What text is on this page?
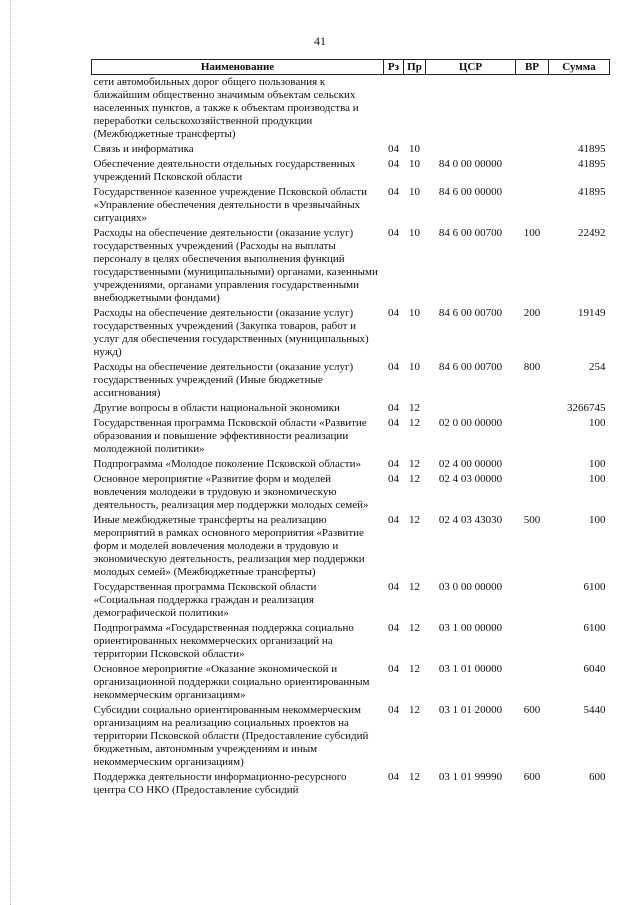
41
Наименование	Рз	Пр	ЦСР	ВР	Сумма
сети автомобильных дорог общего пользования к ближайшим общественно значимым объектам сельских населенных пунктов, а также к объектам производства и переработки сельскохозяйственной продукции (Межбюджетные трансферты)					
Связь и информатика	04	10			41895
Обеспечение деятельности отдельных государственных учреждений Псковской области	04	10	84 0 00 00000		41895
Государственное казенное учреждение Псковской области «Управление обеспечения деятельности в чрезвычайных ситуациях»	04	10	84 6 00 00000		41895
Расходы на обеспечение деятельности (оказание услуг) государственных учреждений (Расходы на выплаты персоналу в целях обеспечения выполнения функций государственными (муниципальными) органами, казенными учреждениями, органами управления государственными внебюджетными фондами)	04	10	84 6 00 00700	100	22492
Расходы на обеспечение деятельности (оказание услуг) государственных учреждений (Закупка товаров, работ и услуг для обеспечения государственных (муниципальных) нужд)	04	10	84 6 00 00700	200	19149
Расходы на обеспечение деятельности (оказание услуг) государственных учреждений (Иные бюджетные ассигнования)	04	10	84 6 00 00700	800	254
Другие вопросы в области национальной экономики	04	12			3266745
Государственная программа Псковской области «Развитие образования и повышение эффективности реализации молодежной политики»	04	12	02 0 00 00000		100
Подпрограмма «Молодое поколение Псковской области»	04	12	02 4 00 00000		100
Основное мероприятие «Развитие форм и моделей вовлечения молодежи в трудовую и экономическую деятельность, реализация мер поддержки молодых семей»	04	12	02 4 03 00000		100
Иные межбюджетные трансферты на реализацию мероприятий в рамках основного мероприятия «Развитие форм и моделей вовлечения молодежи в трудовую и экономическую деятельность, реализация мер поддержки молодых семей» (Межбюджетные трансферты)	04	12	02 4 03 43030	500	100
Государственная программа Псковской области «Социальная поддержка граждан и реализация демографической политики»	04	12	03 0 00 00000		6100
Подпрограмма «Государственная поддержка социально ориентированных некоммерческих организаций на территории Псковской области»	04	12	03 1 00 00000		6100
Основное мероприятие «Оказание экономической и организационной поддержки социально ориентированным некоммерческим организациям»	04	12	03 1 01 00000		6040
Субсидии социально ориентированным некоммерческим организациям на реализацию социальных проектов на территории Псковской области (Предоставление субсидий бюджетным, автономным учреждениям и иным некоммерческим организациям)	04	12	03 1 01 20000	600	5440
Поддержка деятельности информационно-ресурсного центра СО НКО (Предоставление субсидий	04	12	03 1 01 99990	600	600
